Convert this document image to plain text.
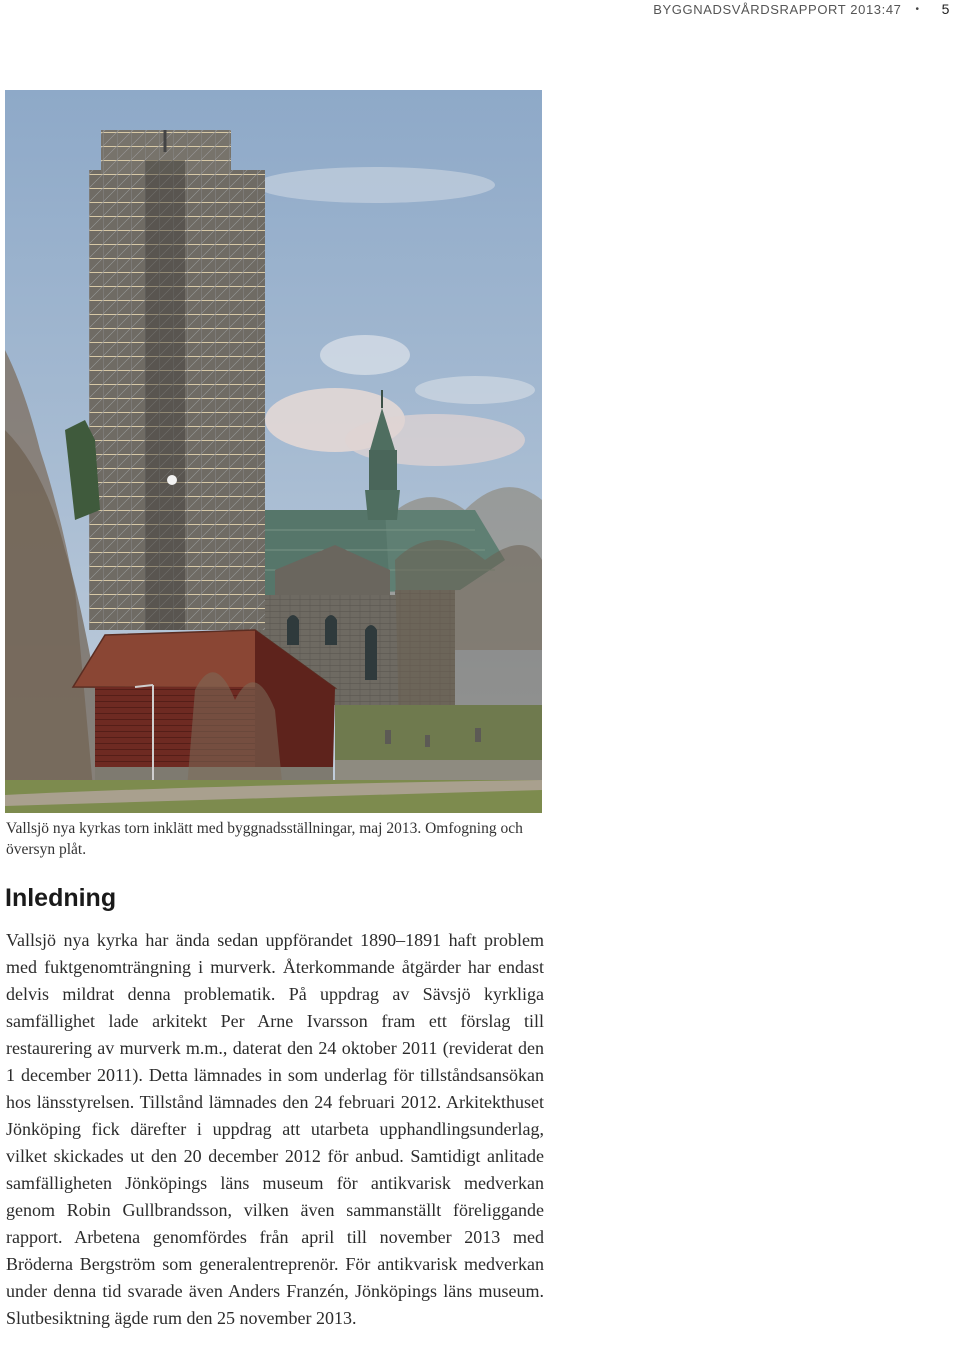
BYGGNADSVÅRDSRAPPORT 2013:47 • 5

Vallsjö nya kyrkas torn inklätt med byggnadsställningar, maj 2013. Omfogning och översyn plåt.

Inledning

Vallsjö nya kyrka har ända sedan uppförandet 1890–1891 haft problem med fuktgenomträngning i murverk. Återkommande åtgärder har endast delvis mildrat denna problematik. På uppdrag av Sävsjö kyrkliga samfällighet lade arkitekt Per Arne Ivarsson fram ett förslag till restaurering av murverk m.m., daterat den 24 oktober 2011 (reviderat den 1 december 2011). Detta lämnades in som underlag för tillståndsansökan hos länsstyrelsen. Tillstånd lämnades den 24 februari 2012. Arkitekthuset Jönköping fick därefter i uppdrag att utarbeta upphandlingsunderlag, vilket skickades ut den 20 december 2012 för anbud. Samtidigt anlitade samfälligheten Jönköpings läns museum för antikvarisk medverkan genom Robin Gullbrandsson, vilken även sammanställt föreliggande rapport. Arbetena genomfördes från april till november 2013 med Bröderna Bergström som generalentreprenör. För antikvarisk medverkan under denna tid svarade även Anders Franzén, Jönköpings läns museum. Slutbesiktning ägde rum den 25 november 2013.
